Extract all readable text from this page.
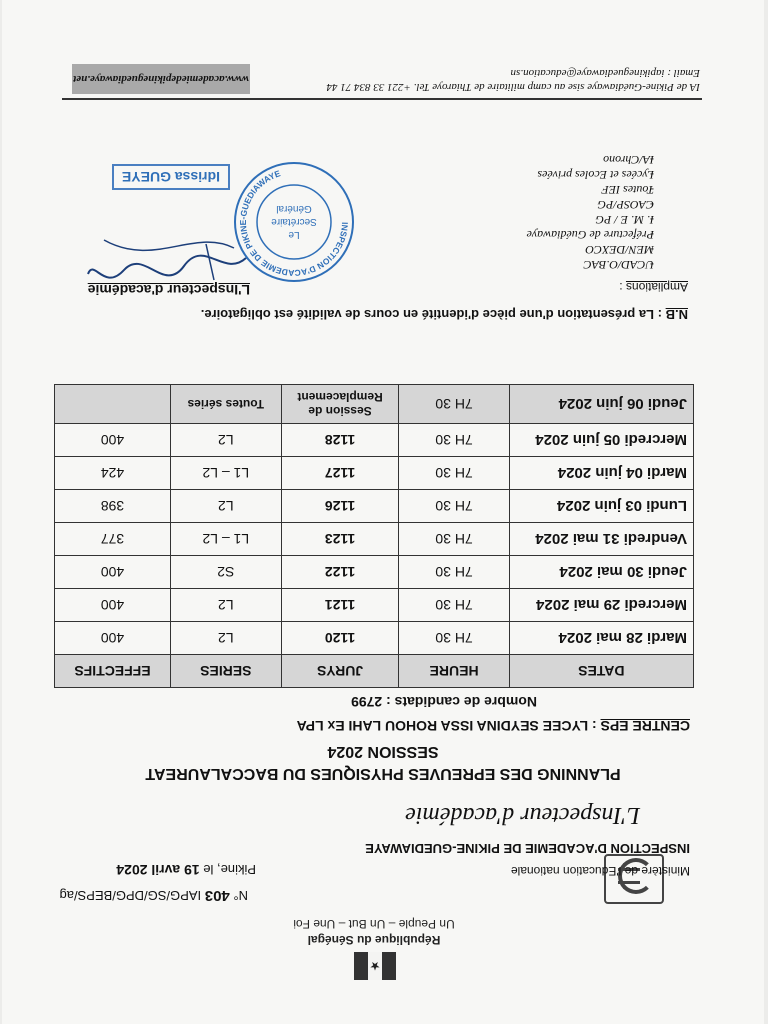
★
République du Sénégal
Un Peuple – Un But – Une Foi
N° 403 IAPG/SG/DPG/BEPS/ag
Ministère de l'Education nationale
Pikine, le 19 avril 2024
INSPECTION D'ACADEMIE DE PIKINE-GUEDIAWAYE
L'Inspecteur d'académie
PLANNING DES EPREUVES PHYSIQUES DU BACCALAUREAT
SESSION 2024
CENTRE EPS : LYCEE SEYDINA ISSA ROHOU LAHI Ex LPA
Nombre de candidats : 2799
DATES	HEURE	JURYS	SERIES	EFFECTIFS
Mardi 28 mai 2024	7H 30	1120	L2	400
Mercredi 29 mai 2024	7H 30	1121	L2	400
Jeudi 30 mai 2024	7H 30	1122	S2	400
Vendredi 31 mai 2024	7H 30	1123	L1 – L2	377
Lundi 03 juin 2024	7H 30	1126	L2	398
Mardi 04 juin 2024	7H 30	1127	L1 – L2	424
Mercredi 05 juin 2024	7H 30	1128	L2	400
Jeudi 06 juin 2024	7H 30	Session de Remplacement	Toutes séries	
N.B : La présentation d'une pièce d'identité en cours de validité est obligatoire.
Ampliations :
- UCAD/O.BAC
- MEN/DEXCO
- Préfecture de Guédiawaye
- I. M. E / PG
- CAOSP/PG
- Toutes IEF
- Lycées et Ecoles privées
- IA/Chrono
L'Inspecteur d'académie
INSPECTION D'ACADEMIE DE PIKINE-GUEDIAWAYE
Le
Secrétaire
Général
Idrissa GUEYE
IA de Pikine-Guédiawaye sise au camp militaire de Thiaroye Tel. +221 33 834 71 44
Email : iapikineguediawaye@education.sn
www.academiedepikineguediawaye.net
